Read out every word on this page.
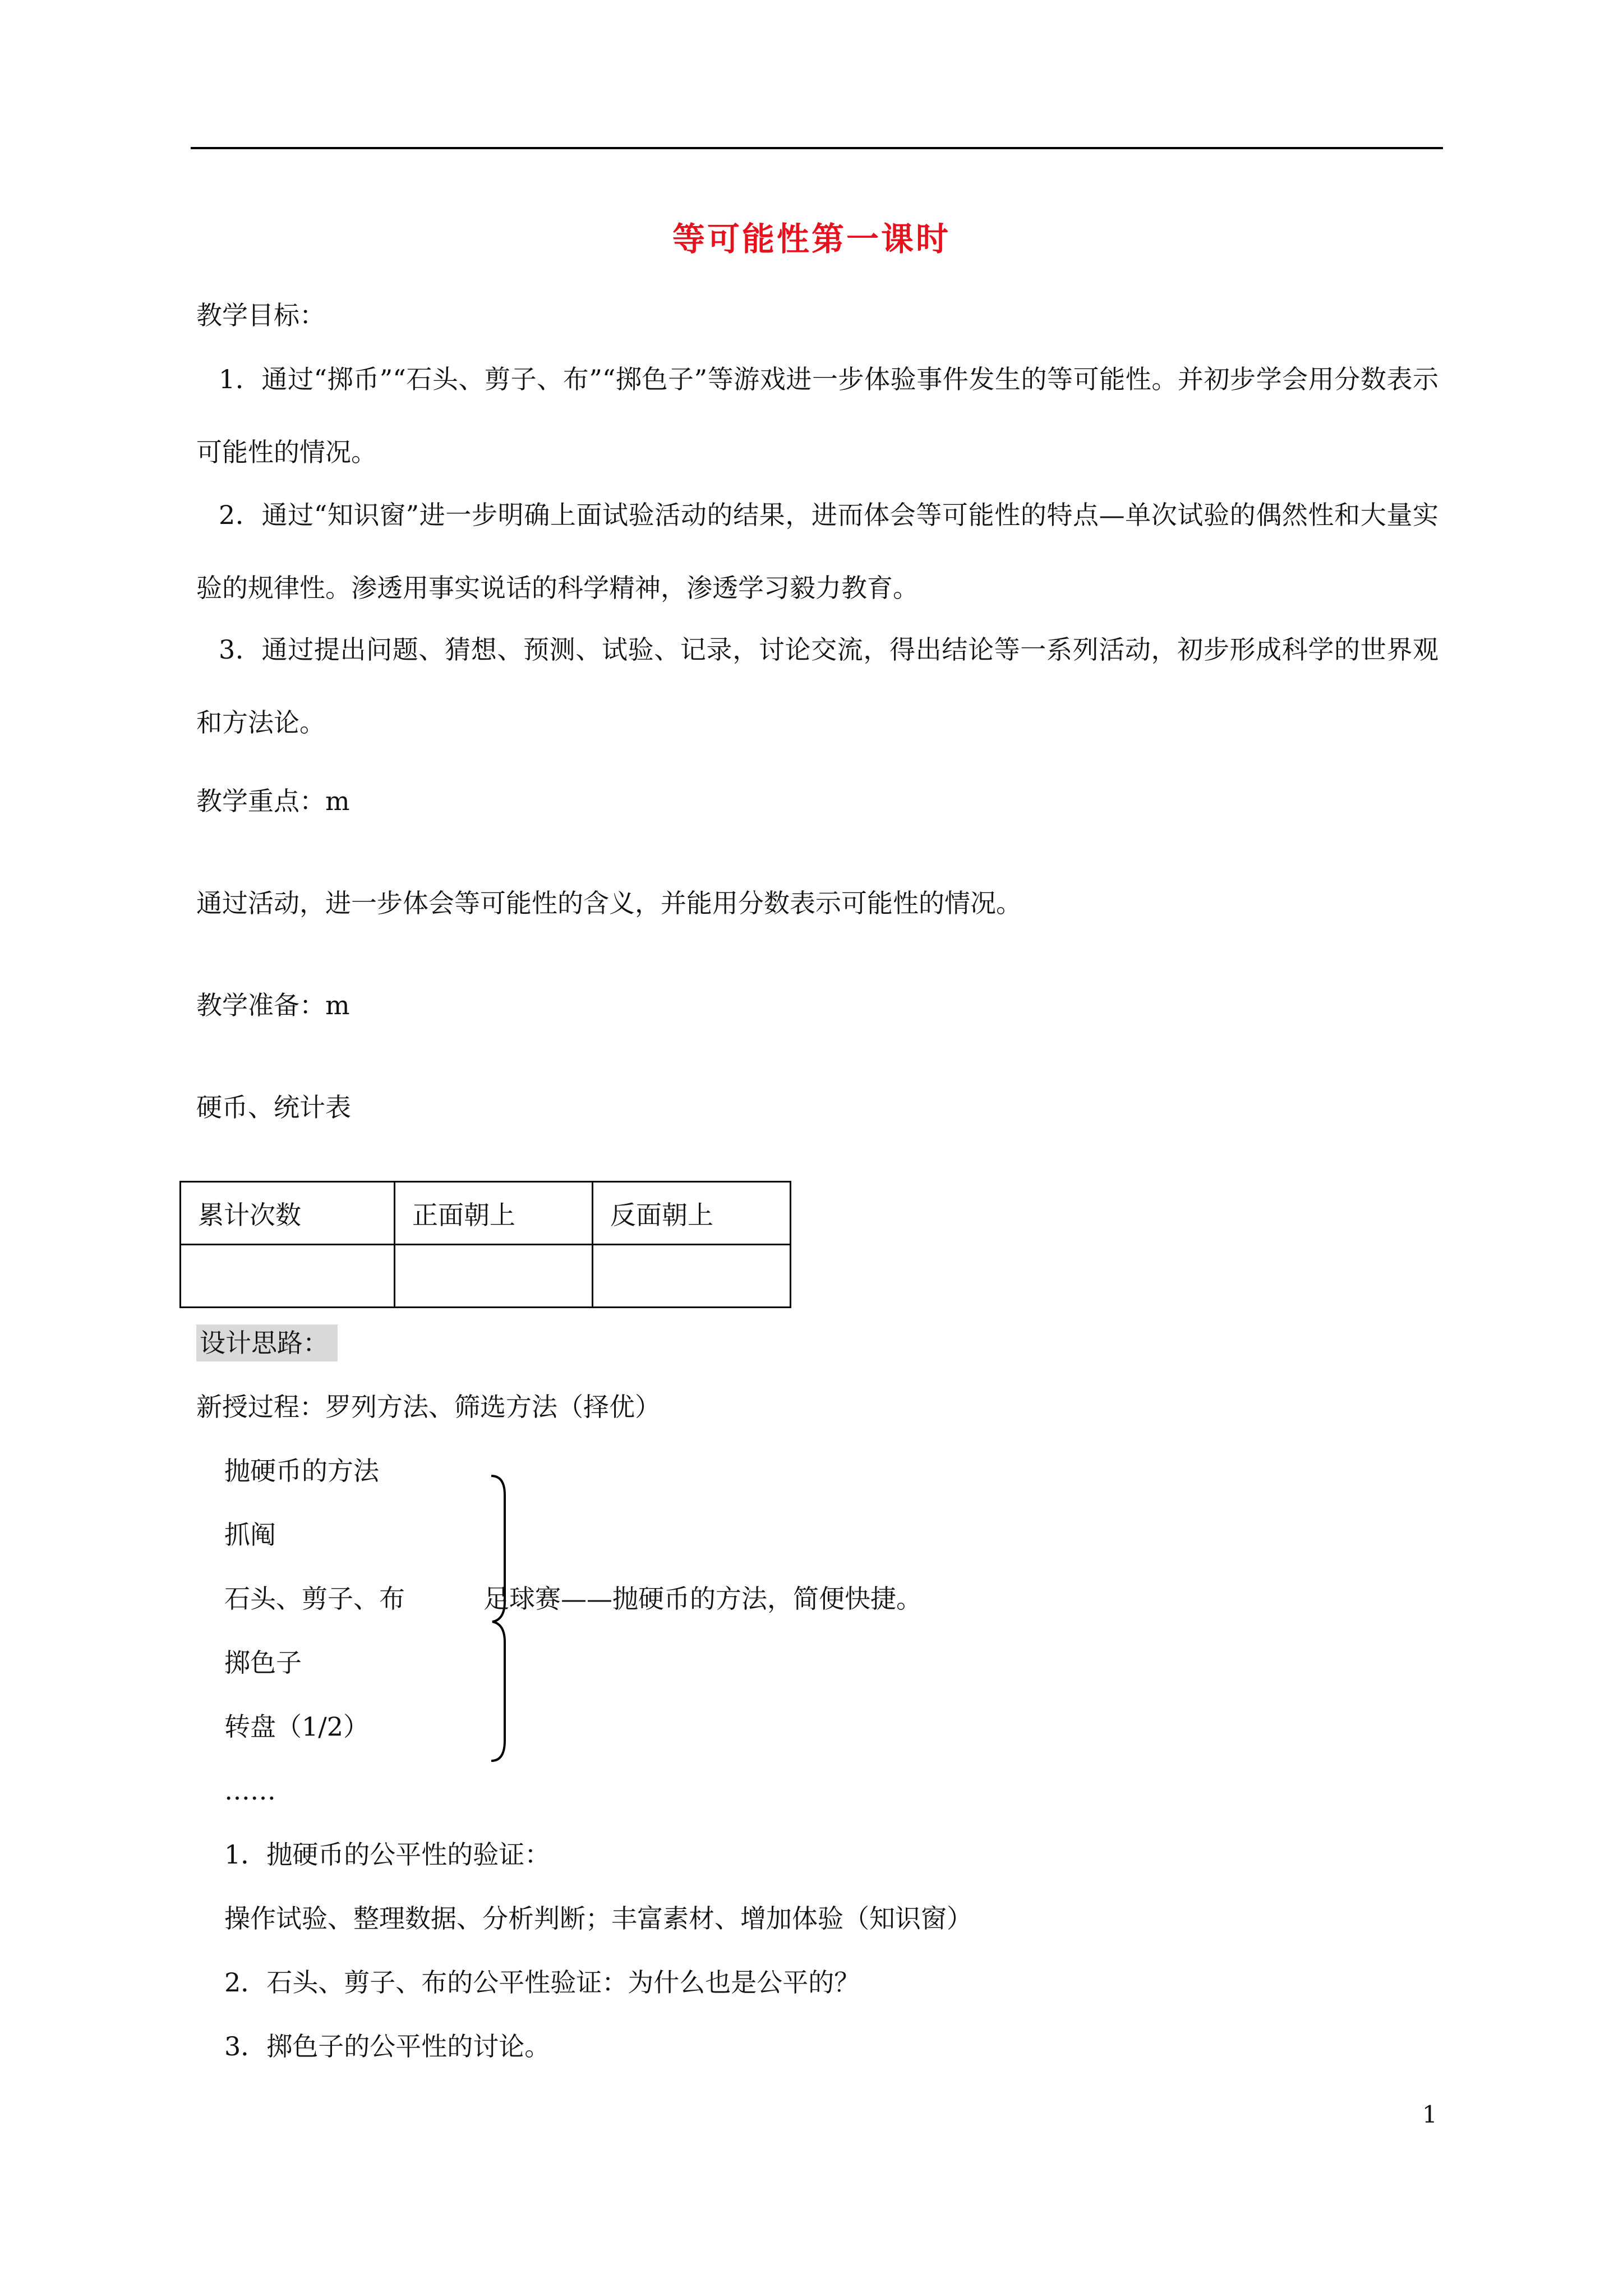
等可能性第一课时
教学目标：
1．通过“掷币”“石头、剪子、布”“掷色子”等游戏进一步体验事件发生的等可能性。并初步学会用分数表示可能性的情况。
2．通过“知识窗”进一步明确上面试验活动的结果，进而体会等可能性的特点—单次试验的偶然性和大量实验的规律性。渗透用事实说话的科学精神，渗透学习毅力教育。
3．通过提出问题、猜想、预测、试验、记录，讨论交流，得出结论等一系列活动，初步形成科学的世界观和方法论。
教学重点：m
通过活动，进一步体会等可能性的含义，并能用分数表示可能性的情况。
教学准备：m
硬币、统计表
累计次数	正面朝上	反面朝上

设计思路：
新授过程：罗列方法、筛选方法（择优）
抛硬币的方法
抓阄
石头、剪子、布
掷色子
转盘（1/2）
足球赛——抛硬币的方法，简便快捷。
……
1．抛硬币的公平性的验证：
操作试验、整理数据、分析判断；丰富素材、增加体验（知识窗）
2．石头、剪子、布的公平性验证：为什么也是公平的？
3．掷色子的公平性的讨论。
1
